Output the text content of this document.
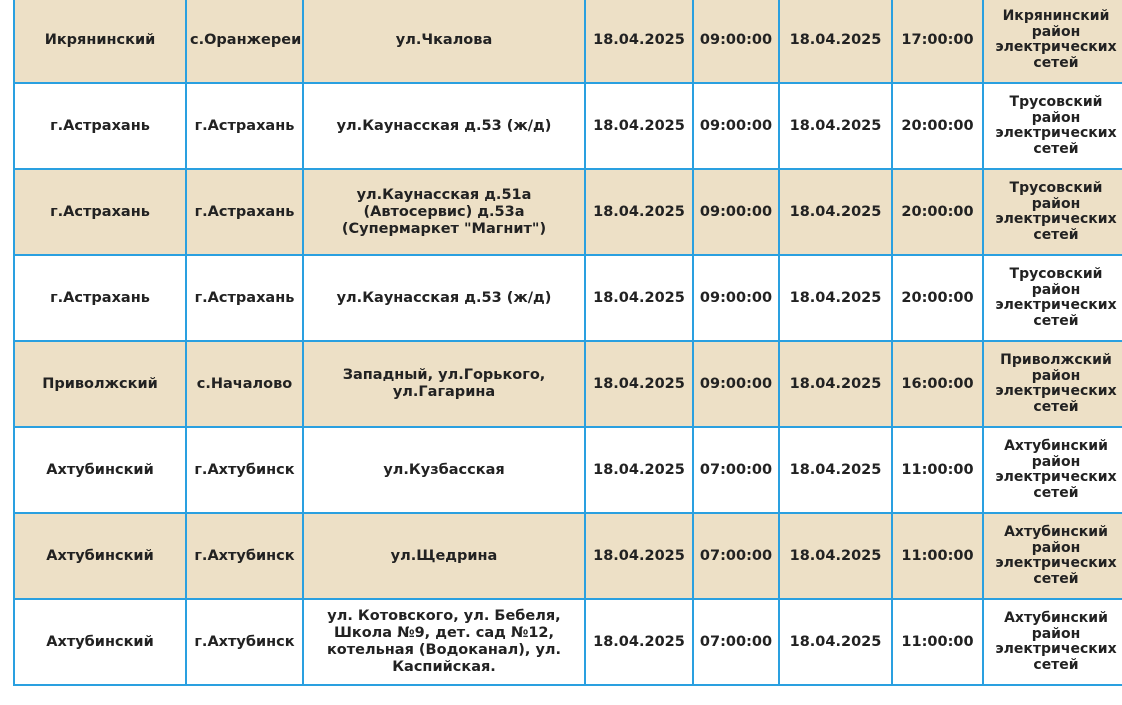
Икрянинский	с.Оранжереи	ул.Чкалова	18.04.2025	09:00:00	18.04.2025	17:00:00	Икрянинский район электрических сетей
г.Астрахань	г.Астрахань	ул.Каунасская д.53 (ж/д)	18.04.2025	09:00:00	18.04.2025	20:00:00	Трусовский район электрических сетей
г.Астрахань	г.Астрахань	ул.Каунасская д.51а (Автосервис) д.53а (Супермаркет "Магнит")	18.04.2025	09:00:00	18.04.2025	20:00:00	Трусовский район электрических сетей
г.Астрахань	г.Астрахань	ул.Каунасская д.53 (ж/д)	18.04.2025	09:00:00	18.04.2025	20:00:00	Трусовский район электрических сетей
Приволжский	с.Началово	Западный, ул.Горького, ул.Гагарина	18.04.2025	09:00:00	18.04.2025	16:00:00	Приволжский район электрических сетей
Ахтубинский	г.Ахтубинск	ул.Кузбасская	18.04.2025	07:00:00	18.04.2025	11:00:00	Ахтубинский район электрических сетей
Ахтубинский	г.Ахтубинск	ул.Щедрина	18.04.2025	07:00:00	18.04.2025	11:00:00	Ахтубинский район электрических сетей
Ахтубинский	г.Ахтубинск	ул. Котовского, ул. Бебеля, Школа №9, дет. сад №12, котельная (Водоканал), ул. Каспийская.	18.04.2025	07:00:00	18.04.2025	11:00:00	Ахтубинский район электрических сетей
